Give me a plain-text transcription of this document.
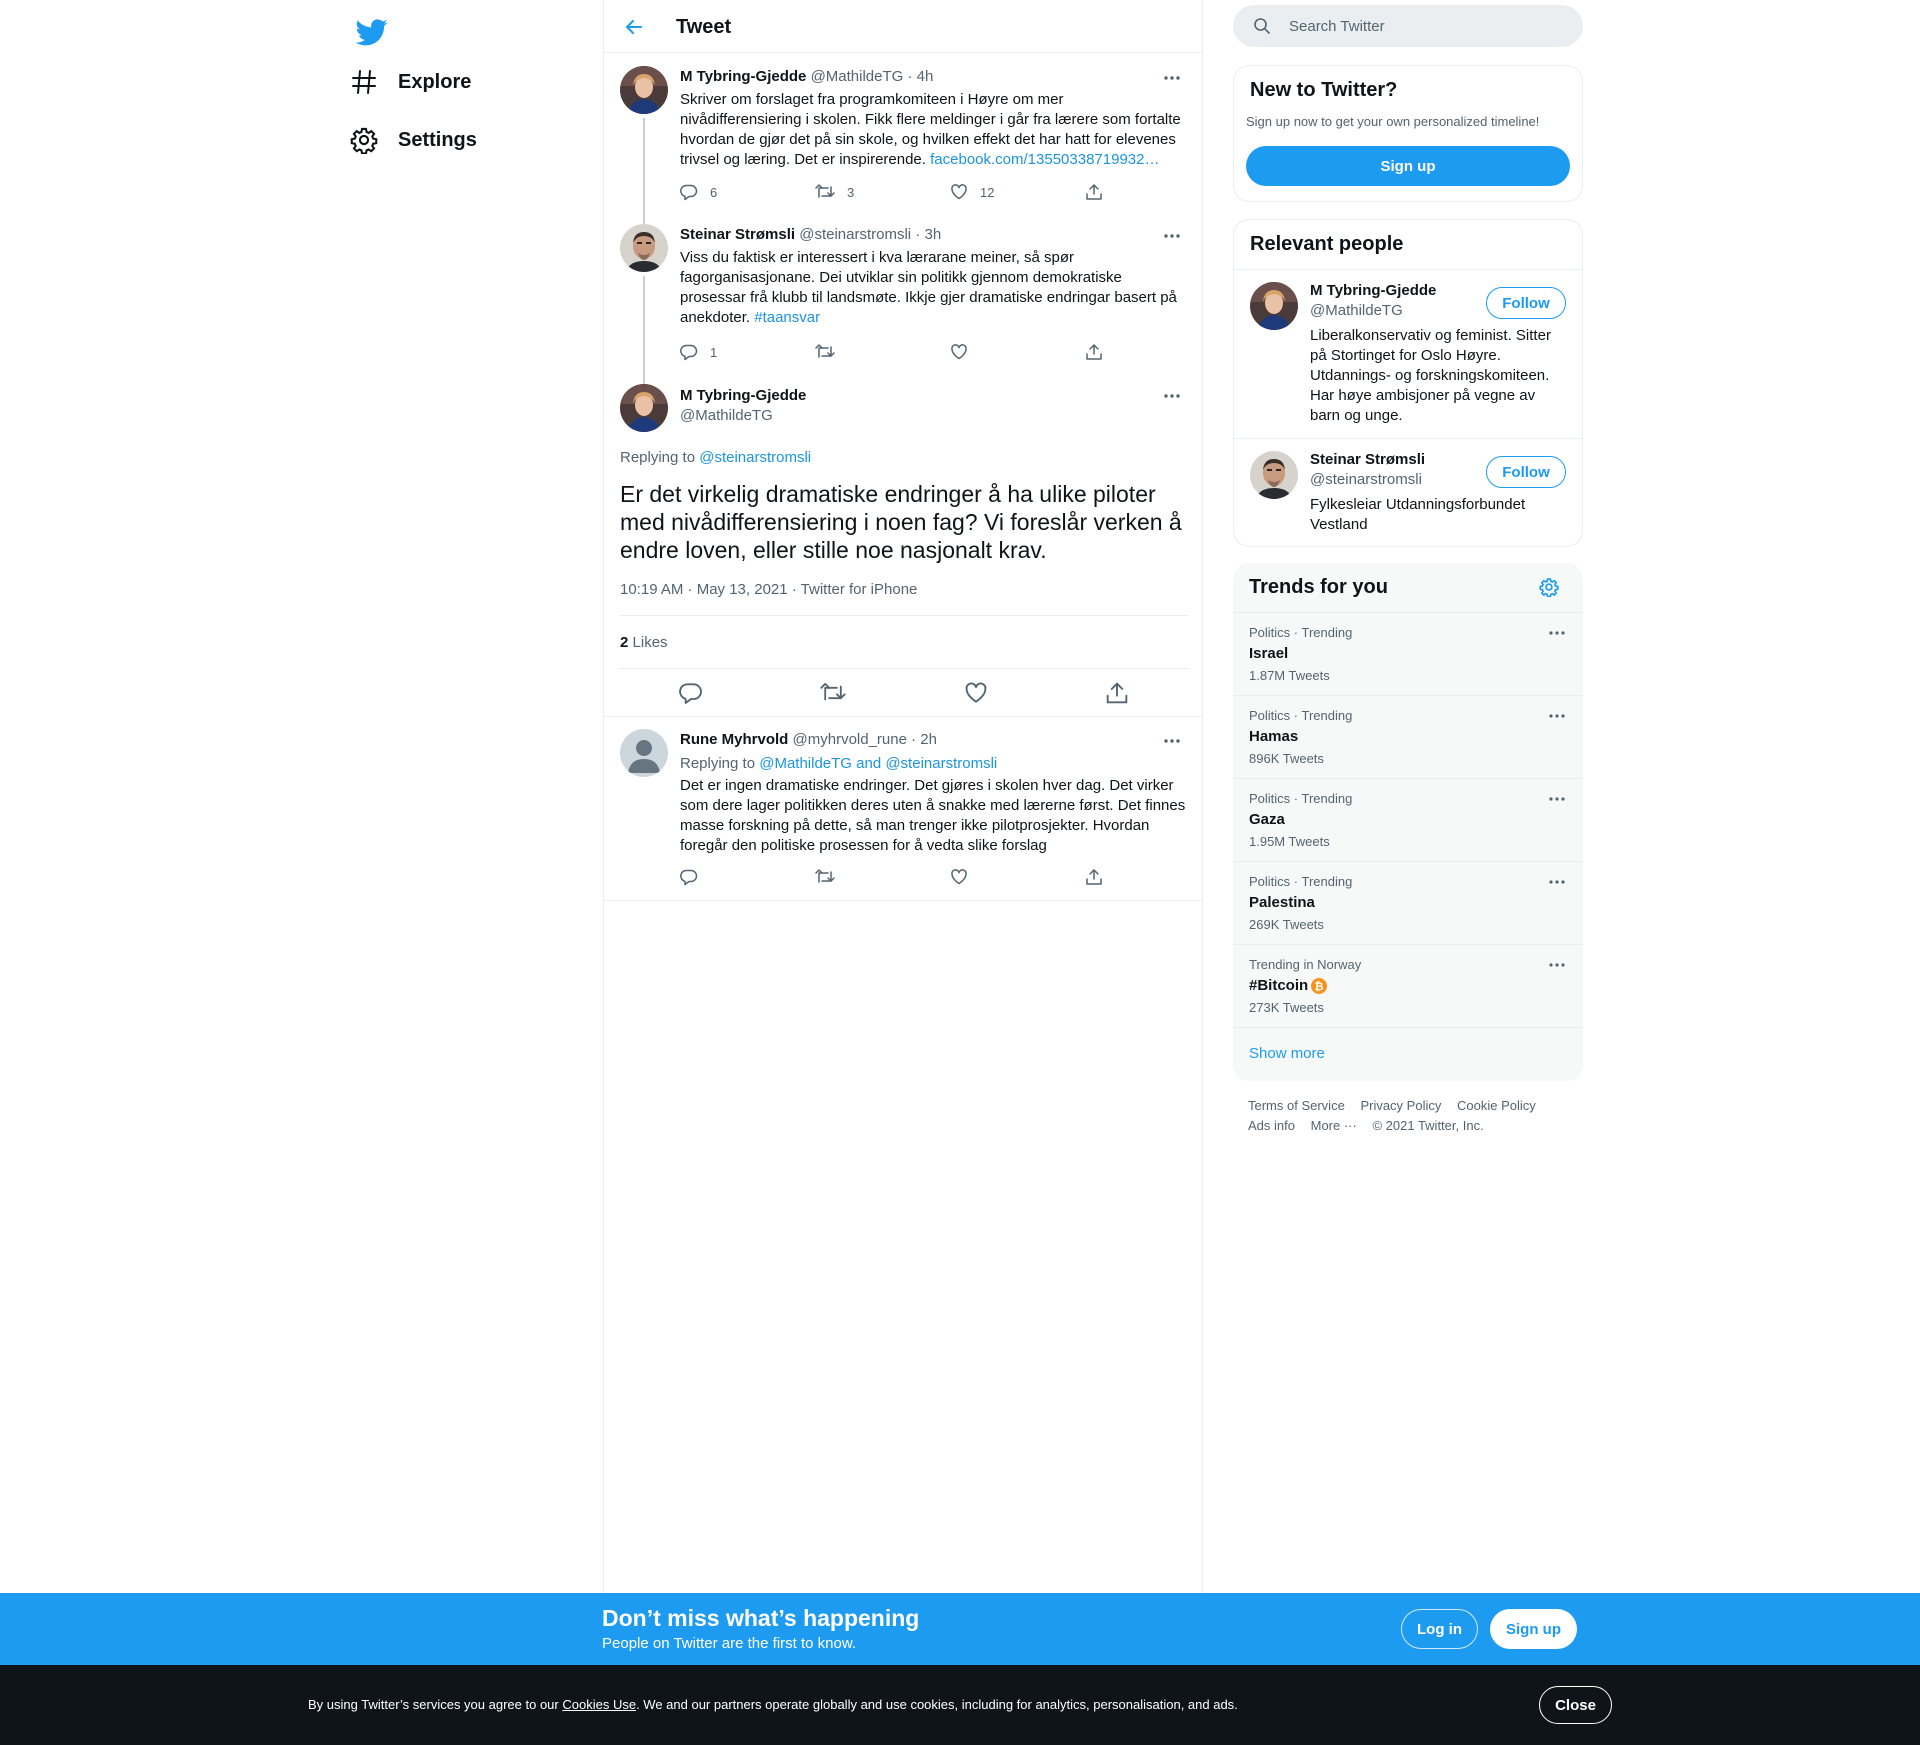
Explore
Settings
Tweet
M Tybring-Gjedde @MathildeTG · 4h
Skriver om forslaget fra programkomiteen i Høyre om mer
nivådifferensiering i skolen. Fikk flere meldinger i går fra lærere som fortalte
hvordan de gjør det på sin skole, og hvilken effekt det har hatt for elevenes
trivsel og læring. Det er inspirerende. facebook.com/13550338719932…
6	3	12
Steinar Strømsli @steinarstromsli · 3h
Viss du faktisk er interessert i kva lærarane meiner, så spør
fagorganisasjonane. Dei utviklar sin politikk gjennom demokratiske
prosessar frå klubb til landsmøte. Ikkje gjer dramatiske endringar basert på
anekdoter. #taansvar
1
M Tybring-Gjedde
@MathildeTG
Replying to @steinarstromsli
Er det virkelig dramatiske endringer å ha ulike piloter
med nivådifferensiering i noen fag? Vi foreslår verken å
endre loven, eller stille noe nasjonalt krav.
10:19 AM · May 13, 2021 · Twitter for iPhone
2 Likes
Rune Myhrvold @myhrvold_rune · 2h
Replying to @MathildeTG and @steinarstromsli
Det er ingen dramatiske endringer. Det gjøres i skolen hver dag. Det virker
som dere lager politikken deres uten å snakke med lærerne først. Det finnes
masse forskning på dette, så man trenger ikke pilotprosjekter. Hvordan
foregår den politiske prosessen for å vedta slike forslag
Search Twitter
New to Twitter?
Sign up now to get your own personalized timeline!
Sign up
Relevant people
M Tybring-Gjedde
@MathildeTG	Follow
Liberalkonservativ og feminist. Sitter
på Stortinget for Oslo Høyre.
Utdannings- og forskningskomiteen.
Har høye ambisjoner på vegne av
barn og unge.
Steinar Strømsli
@steinarstromsli	Follow
Fylkesleiar Utdanningsforbundet
Vestland
Trends for you
Politics · Trending
Israel
1.87M Tweets
Politics · Trending
Hamas
896K Tweets
Politics · Trending
Gaza
1.95M Tweets
Politics · Trending
Palestina
269K Tweets
Trending in Norway
#Bitcoin ₿
273K Tweets
Show more
Terms of Service Privacy Policy Cookie Policy Ads info More ··· © 2021 Twitter, Inc.
Don’t miss what’s happening
People on Twitter are the first to know.
Log in	Sign up
By using Twitter’s services you agree to our Cookies Use. We and our partners operate globally and use cookies, including for analytics, personalisation, and ads.	Close
